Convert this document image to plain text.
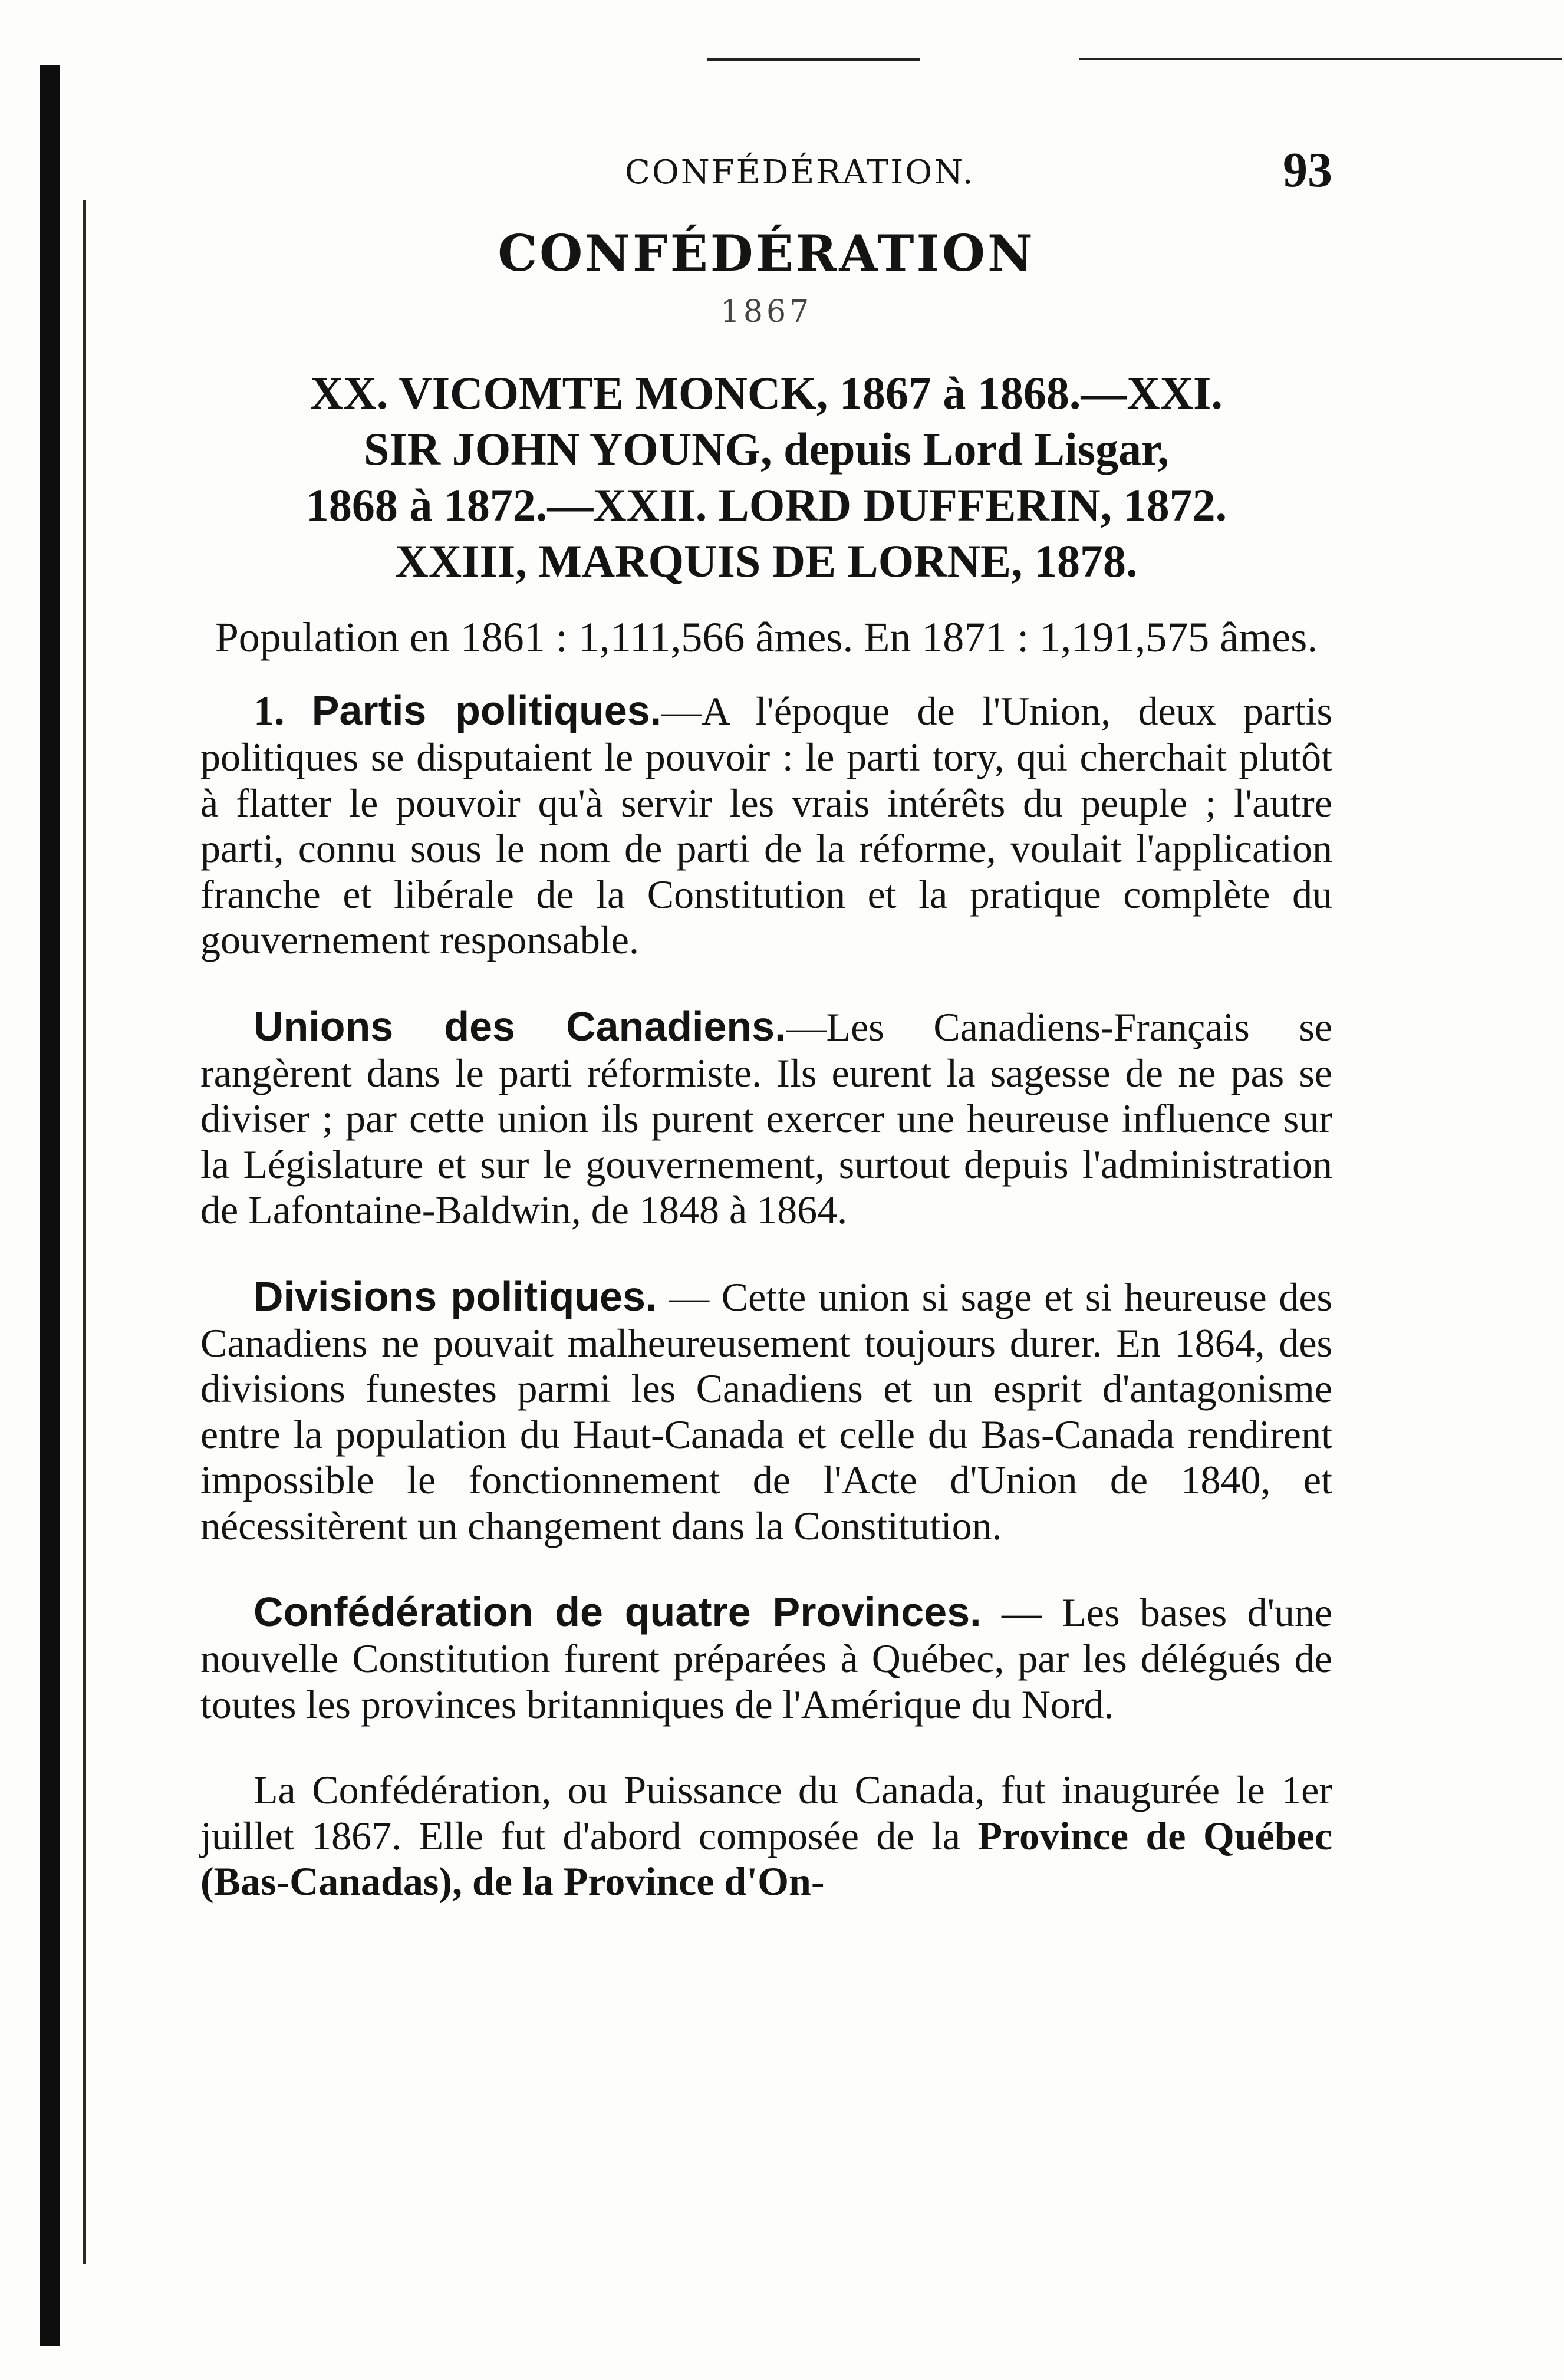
CONFÉDÉRATION.	93
CONFÉDÉRATION
1867
XX. VICOMTE MONCK, 1867 à 1868.—XXI.
SIR JOHN YOUNG, depuis Lord Lisgar,
1868 à 1872.—XXII. LORD DUFFERIN, 1872.
XXIII, MARQUIS DE LORNE, 1878.
Population en 1861 : 1,111,566 âmes. En 1871 : 1,191,575 âmes.

1. Partis politiques.—A l'époque de l'Union, deux partis politiques se disputaient le pouvoir : le parti tory, qui cherchait plutôt à flatter le pouvoir qu'à servir les vrais intérêts du peuple ; l'autre parti, connu sous le nom de parti de la réforme, voulait l'application franche et libérale de la Constitution et la pratique complète du gouvernement responsable.

Unions des Canadiens.—Les Canadiens-Français se rangèrent dans le parti réformiste. Ils eurent la sagesse de ne pas se diviser ; par cette union ils purent exercer une heureuse influence sur la Législature et sur le gouvernement, surtout depuis l'administration de Lafontaine-Baldwin, de 1848 à 1864.

Divisions politiques. — Cette union si sage et si heureuse des Canadiens ne pouvait malheureusement toujours durer. En 1864, des divisions funestes parmi les Canadiens et un esprit d'antagonisme entre la population du Haut-Canada et celle du Bas-Canada rendirent impossible le fonctionnement de l'Acte d'Union de 1840, et nécessitèrent un changement dans la Constitution.

Confédération de quatre Provinces. — Les bases d'une nouvelle Constitution furent préparées à Québec, par les délégués de toutes les provinces britanniques de l'Amérique du Nord.

La Confédération, ou Puissance du Canada, fut inaugurée le 1er juillet 1867. Elle fut d'abord composée de la Province de Québec (Bas-Canadas), de la Province d'On-
